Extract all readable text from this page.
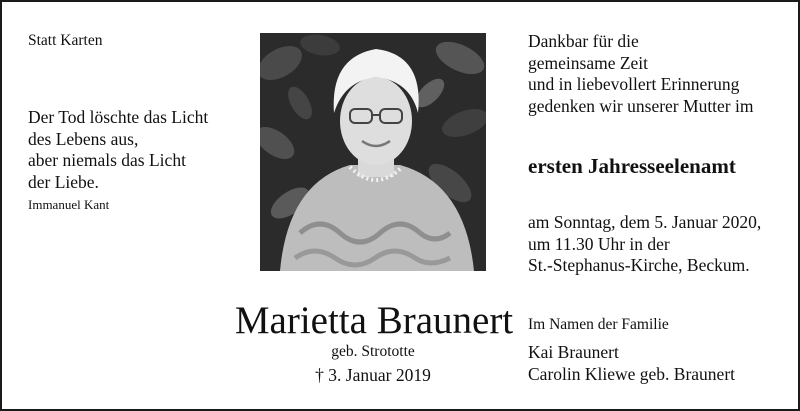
Statt Karten

Der Tod löschte das Licht
des Lebens aus,
aber niemals das Licht
der Liebe.

Immanuel Kant

Marietta Braunert

geb. Strototte

† 3. Januar 2019

Dankbar für die
gemeinsame Zeit
und in liebevollert Erinnerung
gedenken wir unserer Mutter im

ersten Jahresseelenamt

am Sonntag, dem 5. Januar 2020,
um 11.30 Uhr in der
St.-Stephanus-Kirche, Beckum.

Im Namen der Familie

Kai Braunert
Carolin Kliewe geb. Braunert
